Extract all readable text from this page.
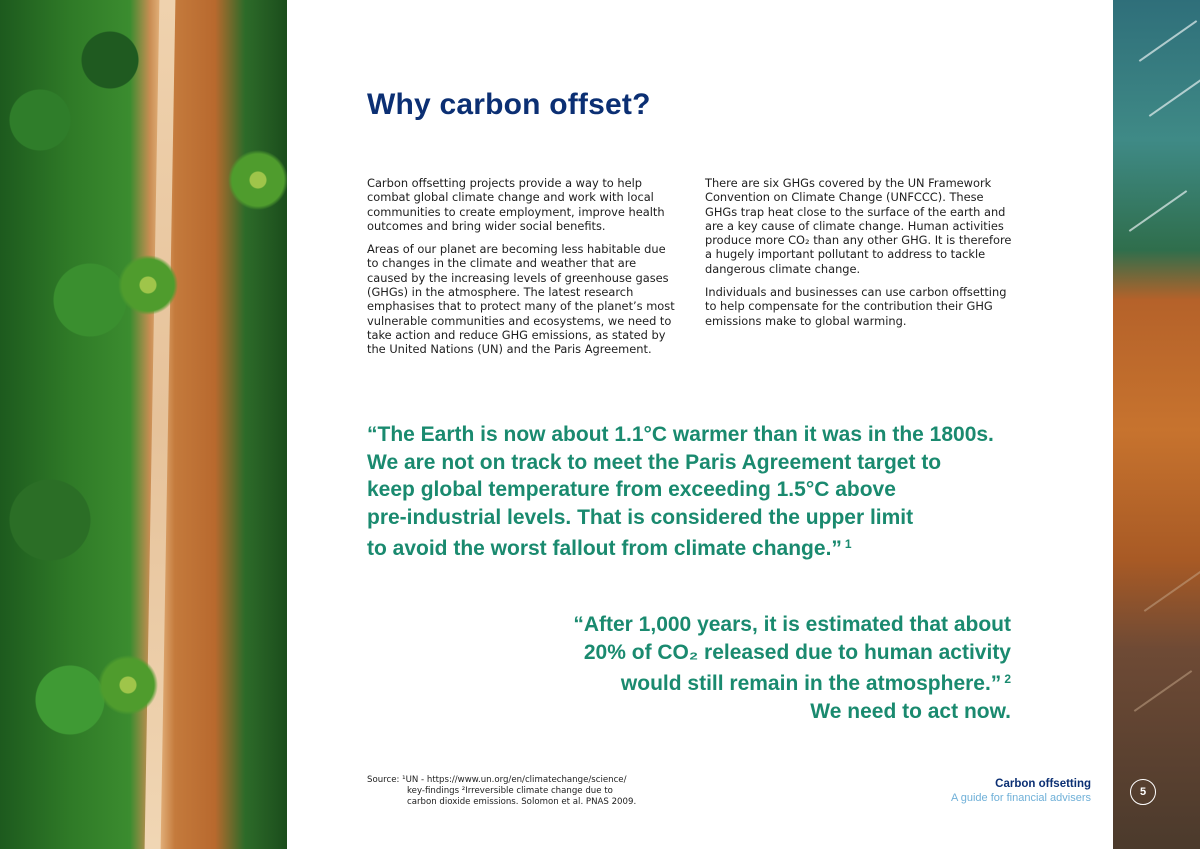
Why carbon offset?

Carbon offsetting projects provide a way to help combat global climate change and work with local communities to create employment, improve health outcomes and bring wider social benefits.

Areas of our planet are becoming less habitable due to changes in the climate and weather that are caused by the increasing levels of greenhouse gases (GHGs) in the atmosphere. The latest research emphasises that to protect many of the planet’s most vulnerable communities and ecosystems, we need to take action and reduce GHG emissions, as stated by the United Nations (UN) and the Paris Agreement.

There are six GHGs covered by the UN Framework Convention on Climate Change (UNFCCC). These GHGs trap heat close to the surface of the earth and are a key cause of climate change. Human activities produce more CO₂ than any other GHG. It is therefore a hugely important pollutant to address to tackle dangerous climate change.

Individuals and businesses can use carbon offsetting to help compensate for the contribution their GHG emissions make to global warming.

“The Earth is now about 1.1°C warmer than it was in the 1800s.
We are not on track to meet the Paris Agreement target to
keep global temperature from exceeding 1.5°C above
pre-industrial levels. That is considered the upper limit
to avoid the worst fallout from climate change.” $^1$
“After 1,000 years, it is estimated that about
20% of CO₂ released due to human activity
would still remain in the atmosphere.” $^2$
We need to act now.
Source: ¹UN - https://www.un.org/en/climatechange/science/
key-findings ²Irreversible climate change due to
carbon dioxide emissions. Solomon et al. PNAS 2009.
Carbon offsetting
A guide for financial advisers	5
